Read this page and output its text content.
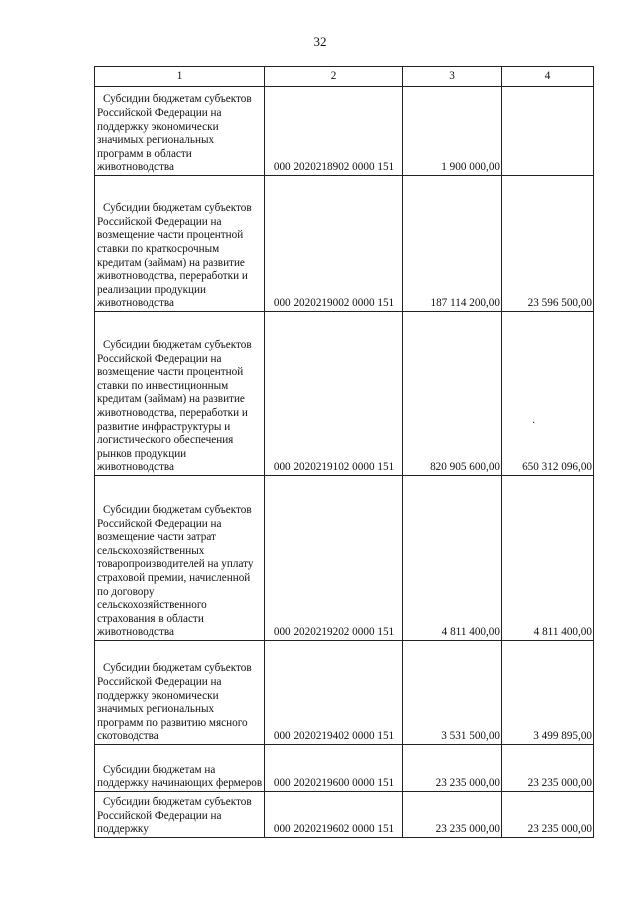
32
1	2	3	4
Субсидии бюджетам субъектов Российской Федерации на поддержку экономически значимых региональных программ в области животноводства	000 2020218902 0000 151	1 900 000,00	
Субсидии бюджетам субъектов Российской Федерации на возмещение части процентной ставки по краткосрочным кредитам (займам) на развитие животноводства, переработки и реализации продукции животноводства	000 2020219002 0000 151	187 114 200,00	23 596 500,00
Субсидии бюджетам субъектов Российской Федерации на возмещение части процентной ставки по инвестиционным кредитам (займам) на развитие животноводства, переработки и развитие инфраструктуры и логистического обеспечения рынков продукции животноводства	000 2020219102 0000 151	820 905 600,00	650 312 096,00
Субсидии бюджетам субъектов Российской Федерации на возмещение части затрат сельскохозяйственных товаропроизводителей на уплату страховой премии, начисленной по договору сельскохозяйственного страхования в области животноводства	000 2020219202 0000 151	4 811 400,00	4 811 400,00
Субсидии бюджетам субъектов Российской Федерации на поддержку экономически значимых региональных программ по развитию мясного скотоводства	000 2020219402 0000 151	3 531 500,00	3 499 895,00
Субсидии бюджетам на поддержку начинающих фермеров	000 2020219600 0000 151	23 235 000,00	23 235 000,00
Субсидии бюджетам субъектов Российской Федерации на поддержку	000 2020219602 0000 151	23 235 000,00	23 235 000,00
·
